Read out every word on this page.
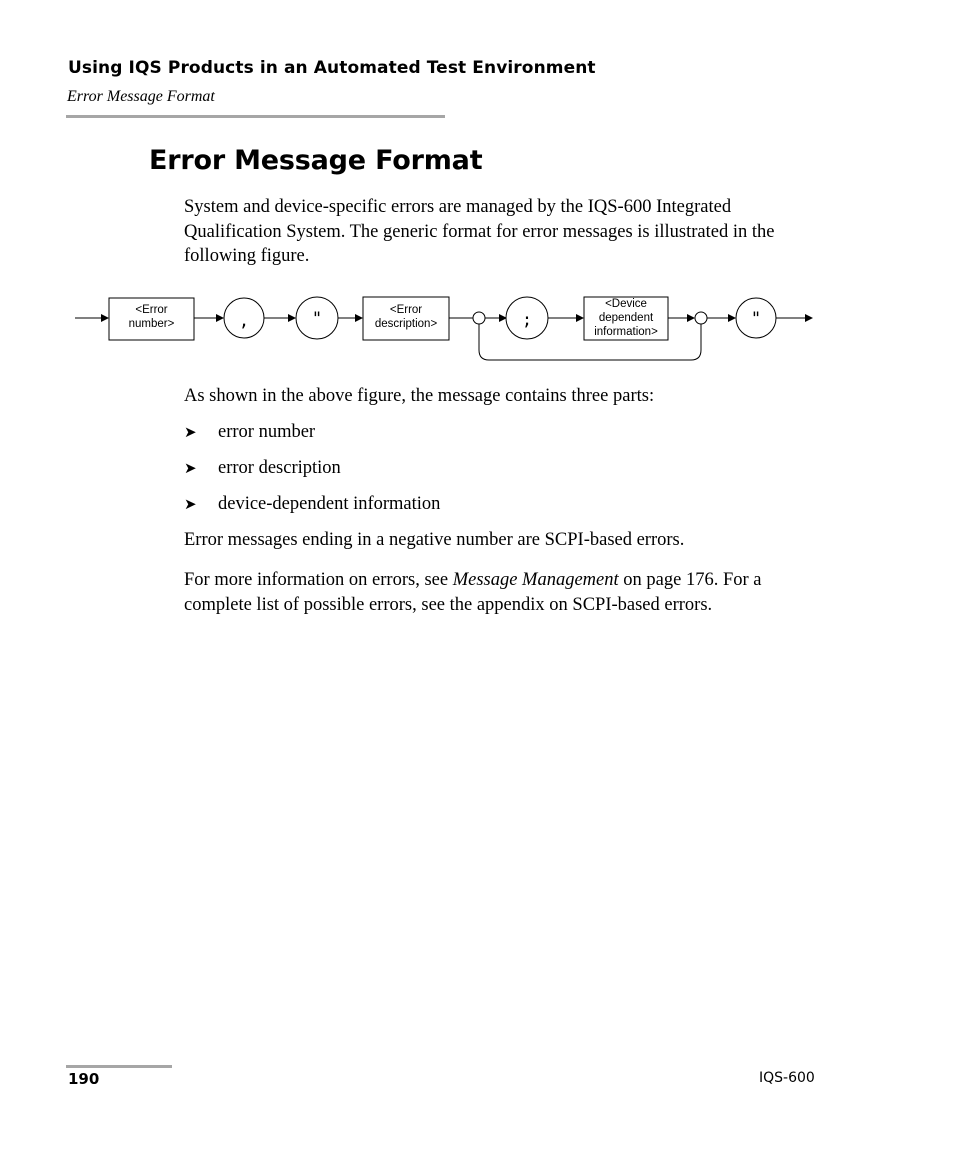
Using IQS Products in an Automated Test Environment
Error Message Format
Error Message Format
System and device-specific errors are managed by the IQS-600 Integrated Qualification System. The generic format for error messages is illustrated in the following figure.
<Error
number>
<Error
description>
<Device
dependent
information>
,	"	;	"
As shown in the above figure, the message contains three parts:
➤	error number
➤	error description
➤	device-dependent information
Error messages ending in a negative number are SCPI-based errors.
For more information on errors, see Message Management on page 176. For a complete list of possible errors, see the appendix on SCPI-based errors.
190	IQS-600
